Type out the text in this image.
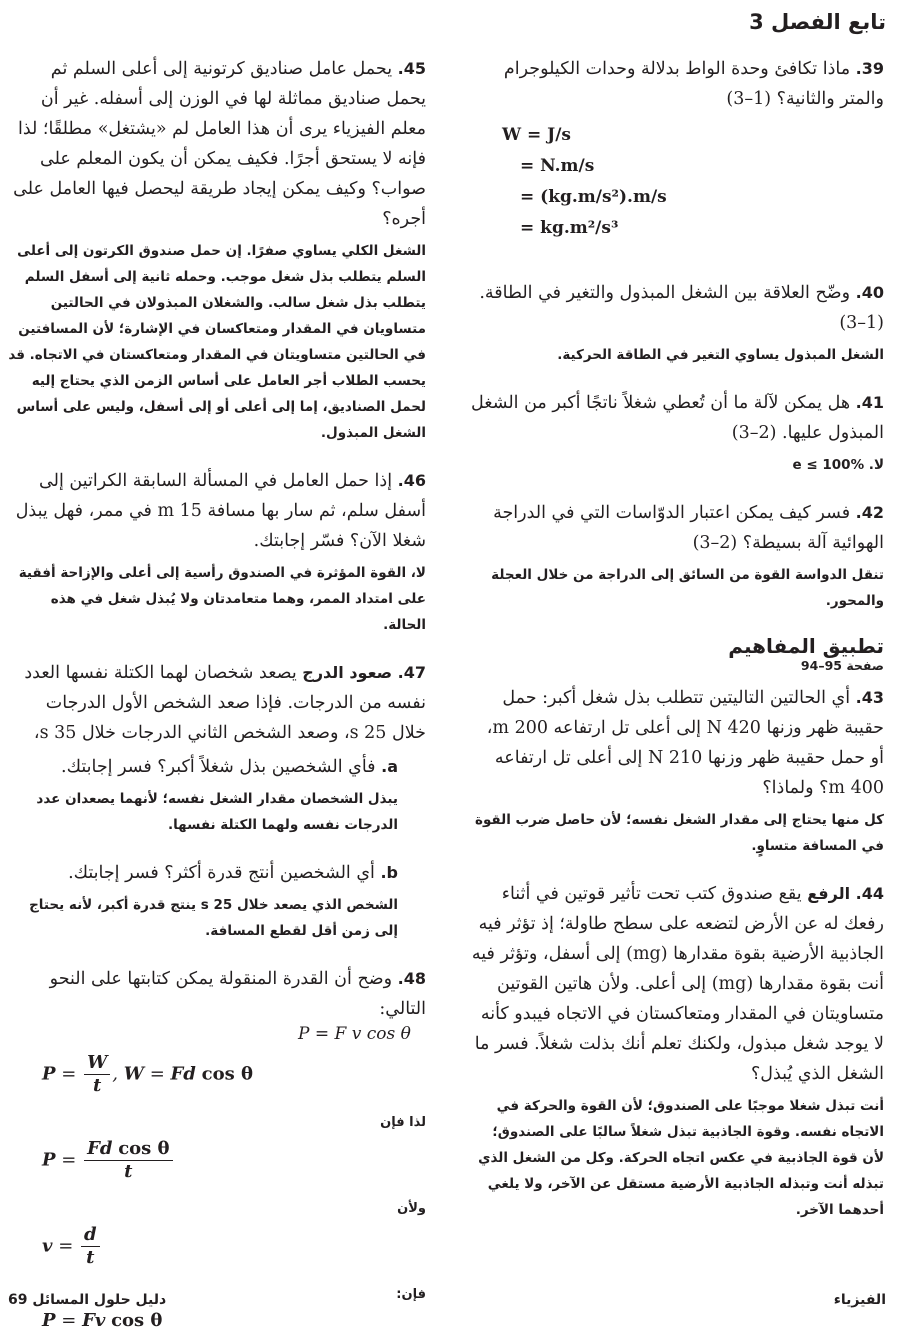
تابع الفصل 3

39. ماذا تكافئ وحدة الواط بدلالة وحدات الكيلوجرام والمتر والثانية؟ (1–3)

W = J/s
= N.m/s
= (kg.m/s²).m/s
= kg.m²/s³

40. وضّح العلاقة بين الشغل المبذول والتغير في الطاقة. (1–3)

الشغل المبذول يساوي التغير في الطاقة الحركية.

41. هل يمكن لآلة ما أن تُعطي شغلاً ناتجًا أكبر من الشغل المبذول عليها. (2–3)

لا. e ≤ 100%

42. فسر كيف يمكن اعتبار الدوّاسات التي في الدراجة الهوائية آلة بسيطة؟ (2–3)

تنقل الدواسة القوة من السائق إلى الدراجة من خلال العجلة والمحور.
تطبيق المفاهيم
صفحة 95–94

43. أي الحالتين التاليتين تتطلب بذل شغل أكبر: حمل حقيبة ظهر وزنها 420 N إلى أعلى تل ارتفاعه 200 m، أو حمل حقيبة ظهر وزنها 210 N إلى أعلى تل ارتفاعه 400 m؟ ولماذا؟

كل منها يحتاج إلى مقدار الشغل نفسه؛ لأن حاصل ضرب القوة في المسافة متساوٍ.

44. الرفع يقع صندوق كتب تحت تأثير قوتين في أثناء رفعك له عن الأرض لتضعه على سطح طاولة؛ إذ تؤثر فيه الجاذبية الأرضية بقوة مقدارها (mg) إلى أسفل، وتؤثر فيه أنت بقوة مقدارها (mg) إلى أعلى. ولأن هاتين القوتين متساويتان في المقدار ومتعاكستان في الاتجاه فيبدو كأنه لا يوجد شغل مبذول، ولكنك تعلم أنك بذلت شغلاً. فسر ما الشغل الذي يُبذل؟

أنت تبذل شغلا موجبًا على الصندوق؛ لأن القوة والحركة في الاتجاه نفسه. وقوة الجاذبية تبذل شغلاً سالبًا على الصندوق؛ لأن قوة الجاذبية في عكس اتجاه الحركة. وكل من الشغل الذي تبذله أنت وتبذله الجاذبية الأرضية مستقل عن الآخر، ولا يلغي أحدهما الآخر.

45. يحمل عامل صناديق كرتونية إلى أعلى السلم ثم يحمل صناديق مماثلة لها في الوزن إلى أسفله. غير أن معلم الفيزياء يرى أن هذا العامل لم «يشتغل» مطلقًا؛ لذا فإنه لا يستحق أجرًا. فكيف يمكن أن يكون المعلم على صواب؟ وكيف يمكن إيجاد طريقة ليحصل فيها العامل على أجره؟

الشغل الكلي يساوي صفرًا. إن حمل صندوق الكرتون إلى أعلى السلم يتطلب بذل شغل موجب. وحمله ثانية إلى أسفل السلم يتطلب بذل شغل سالب. والشغلان المبذولان في الحالتين متساويان في المقدار ومتعاكسان في الإشارة؛ لأن المسافتين في الحالتين متساويتان في المقدار ومتعاكستان في الاتجاه. قد يحسب الطلاب أجر العامل على أساس الزمن الذي يحتاج إليه لحمل الصناديق، إما إلى أعلى أو إلى أسفل، وليس على أساس الشغل المبذول.

46. إذا حمل العامل في المسألة السابقة الكراتين إلى أسفل سلم، ثم سار بها مسافة 15 m في ممر، فهل يبذل شغلا الآن؟ فسّر إجابتك.

لا، القوة المؤثرة في الصندوق رأسية إلى أعلى والإزاحة أفقية على امتداد الممر، وهما متعامدتان ولا يُبذل شغل في هذه الحالة.

47. صعود الدرج يصعد شخصان لهما الكتلة نفسها العدد نفسه من الدرجات. فإذا صعد الشخص الأول الدرجات خلال 25 s، وصعد الشخص الثاني الدرجات خلال 35 s،

a. فأي الشخصين بذل شغلاً أكبر؟ فسر إجابتك.

يبذل الشخصان مقدار الشغل نفسه؛ لأنهما يصعدان عدد الدرجات نفسه ولهما الكتلة نفسها.

b. أي الشخصين أنتج قدرة أكثر؟ فسر إجابتك.

الشخص الذي يصعد خلال 25 s ينتج قدرة أكبر، لأنه يحتاج إلى زمن أقل لقطع المسافة.

48. وضح أن القدرة المنقولة يمكن كتابتها على النحو التالي:

P = F v cos θ
$P = \frac{W}{t}$ , W = Fd cos θ
لذا فإن
$P = \frac{\text{Fd cos θ}}{t}$
ولأن
$v = \frac{d}{t}$
فإن:
P = Fv cos θ
الفيزياء
دليل حلول المسائل 69
